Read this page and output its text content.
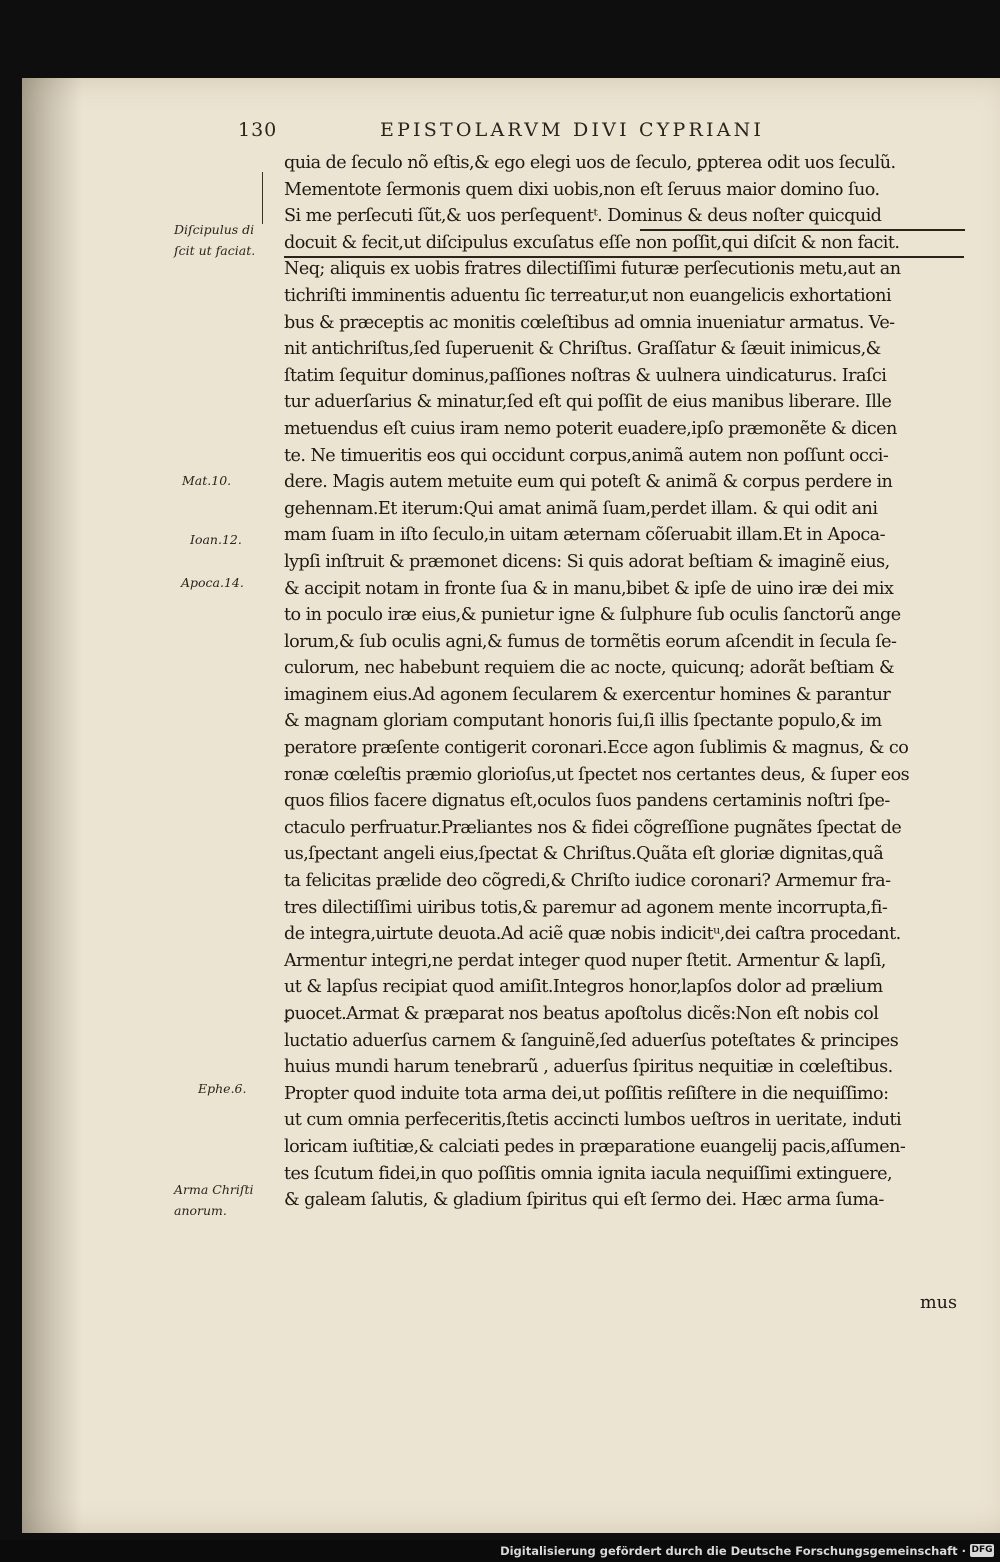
130	EPISTOLARVM DIVI CYPRIANI
quia de ſeculo nõ eſtis,& ego elegi uos de ſeculo, ꝑpterea odit uos ſeculũ.
Mementote ſermonis quem dixi uobis,non eſt ſeruus maior domino ſuo.
Si me perſecuti ſũt,& uos perſequentᵗ. Dominus & deus noſter quicquid
docuit & fecit,ut diſcipulus excuſatus eſſe non poſſit,qui diſcit & non facit.
Neq; aliquis ex uobis fratres dilectiſſimi futuræ perſecutionis metu,aut an
tichriſti imminentis aduentu ſic terreatur,ut non euangelicis exhortationi
bus & præceptis ac monitis cœleſtibus ad omnia inueniatur armatus. Ve-
nit antichriſtus,ſed ſuperuenit & Chriſtus. Graſſatur & ſæuit inimicus,&
ſtatim ſequitur dominus,paſſiones noſtras & uulnera uindicaturus. Iraſci
tur aduerſarius & minatur,ſed eſt qui poſſit de eius manibus liberare. Ille
metuendus eſt cuius iram nemo poterit euadere,ipſo præmonẽte & dicen
te. Ne timueritis eos qui occidunt corpus,animã autem non poſſunt occi-
dere. Magis autem metuite eum qui poteſt & animã & corpus perdere in
gehennam.Et iterum:Qui amat animã ſuam,perdet illam. & qui odit ani
mam ſuam in iſto ſeculo,in uitam æternam cõſeruabit illam.Et in Apoca-
lypſi inſtruit & præmonet dicens: Si quis adorat beſtiam & imaginẽ eius,
& accipit notam in fronte ſua & in manu,bibet & ipſe de uino iræ dei mix
to in poculo iræ eius,& punietur igne & ſulphure ſub oculis ſanctorũ ange
lorum,& ſub oculis agni,& fumus de tormẽtis eorum aſcendit in ſecula ſe-
culorum, nec habebunt requiem die ac nocte, quicunq; adorãt beſtiam &
imaginem eius.Ad agonem ſecularem & exercentur homines & parantur
& magnam gloriam computant honoris ſui,ſi illis ſpectante populo,& im
peratore præſente contigerit coronari.Ecce agon ſublimis & magnus, & co
ronæ cœleſtis præmio glorioſus,ut ſpectet nos certantes deus, & ſuper eos
quos filios facere dignatus eſt,oculos ſuos pandens certaminis noſtri ſpe-
ctaculo perfruatur.Præliantes nos & fidei cõgreſſione pugnãtes ſpectat de
us,ſpectant angeli eius,ſpectat & Chriſtus.Quãta eſt gloriæ dignitas,quã
ta felicitas prælide deo cõgredi,& Chriſto iudice coronari? Armemur fra-
tres dilectiſſimi uiribus totis,& paremur ad agonem mente incorrupta,fi-
de integra,uirtute deuota.Ad aciẽ quæ nobis indicitᵘ,dei caſtra procedant.
Armentur integri,ne perdat integer quod nuper ſtetit. Armentur & lapſi,
ut & lapſus recipiat quod amiſit.Integros honor,lapſos dolor ad prælium
ꝑuocet.Armat & præparat nos beatus apoſtolus dicẽs:Non eſt nobis col
luctatio aduerſus carnem & ſanguinẽ,ſed aduerſus poteſtates & principes
huius mundi harum tenebrarũ , aduerſus ſpiritus nequitiæ in cœleſtibus.
Propter quod induite tota arma dei,ut poſſitis reſiſtere in die nequiſſimo:
ut cum omnia perfeceritis,ſtetis accincti lumbos ueſtros in ueritate, induti
loricam iuſtitiæ,& calciati pedes in præparatione euangelij pacis,aſſumen-
tes ſcutum fidei,in quo poſſitis omnia ignita iacula nequiſſimi extinguere,
& galeam ſalutis, & gladium ſpiritus qui eſt ſermo dei. Hæc arma ſuma-
mus
Diſcipulus di
ſcit ut faciat.
Mat.10.
Ioan.12.
Apoca.14.
Ephe.6.
Arma Chriſti
anorum.
Digitalisierung gefördert durch die Deutsche Forschungsgemeinschaft · DFG
